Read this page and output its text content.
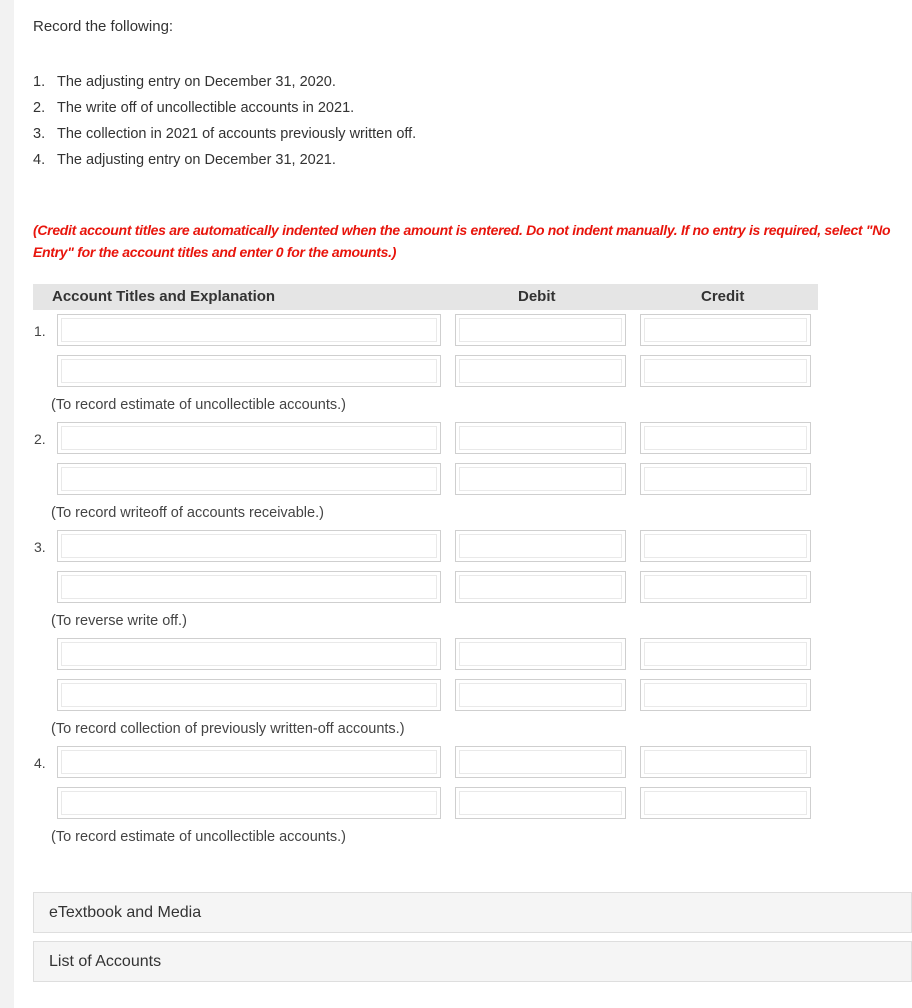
Record the following:
1. The adjusting entry on December 31, 2020.
2. The write off of uncollectible accounts in 2021.
3. The collection in 2021 of accounts previously written off.
4. The adjusting entry on December 31, 2021.
(Credit account titles are automatically indented when the amount is entered. Do not indent manually. If no entry is required, select "No Entry" for the account titles and enter 0 for the amounts.)
Account Titles and Explanation	Debit	Credit
1.
(To record estimate of uncollectible accounts.)
2.
(To record writeoff of accounts receivable.)
3.
(To reverse write off.)
(To record collection of previously written-off accounts.)
4.
(To record estimate of uncollectible accounts.)
eTextbook and Media
List of Accounts
